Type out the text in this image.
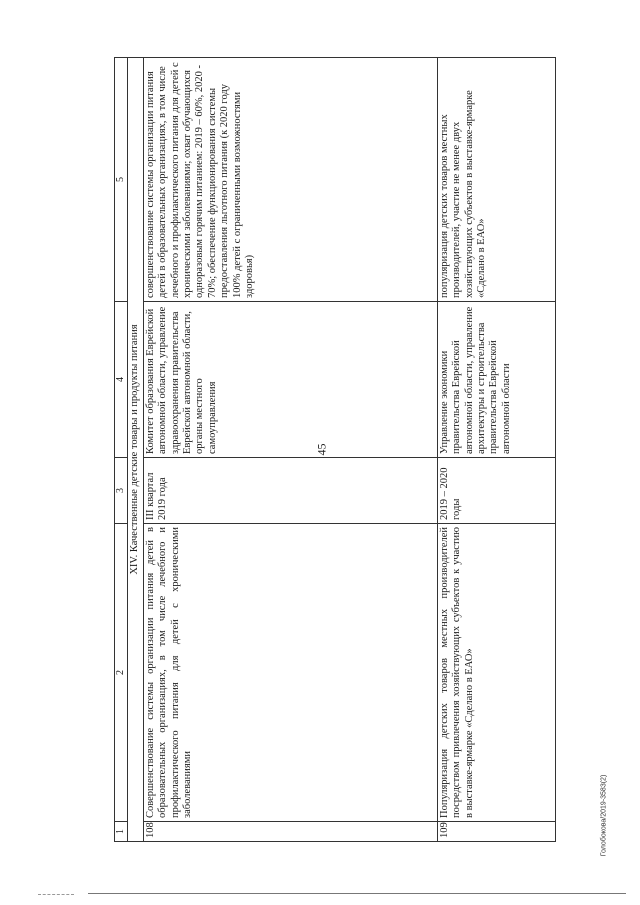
45
1	2	3	4	5
XIV. Качественные детские товары и продукты питания				
108	Совершенствование системы организации питания детей в образовательных организациях, в том числе лечебного и профилактического питания для детей с хроническими заболеваниями	III квартал 2019 года	Комитет образования Еврейской автономной области, управление здравоохранения правительства Еврейской автономной области, органы местного самоуправления	совершенствование системы организации питания детей в образовательных организациях, в том числе лечебного и профилактического питания для детей с хроническими заболеваниями; охват обучающихся одноразовым горячим питанием: 2019 – 60%, 2020 - 70%; обеспечение функционирования системы предоставления льготного питания (к 2020 году 100% детей с ограниченными возможностями здоровья)
109	Популяризация детских товаров местных производителей посредством привлечения хозяйствующих субъектов к участию в выставке-ярмарке «Сделано в ЕАО»	2019 – 2020 годы	Управление экономики правительства Еврейской автономной области, управление архитектуры и строительства правительства Еврейской автономной области	популяризация детских товаров местных производителей, участие не менее двух хозяйствующих субъектов в выставке-ярмарке «Сделано в ЕАО»
Голобокова/2019-3583(2)
